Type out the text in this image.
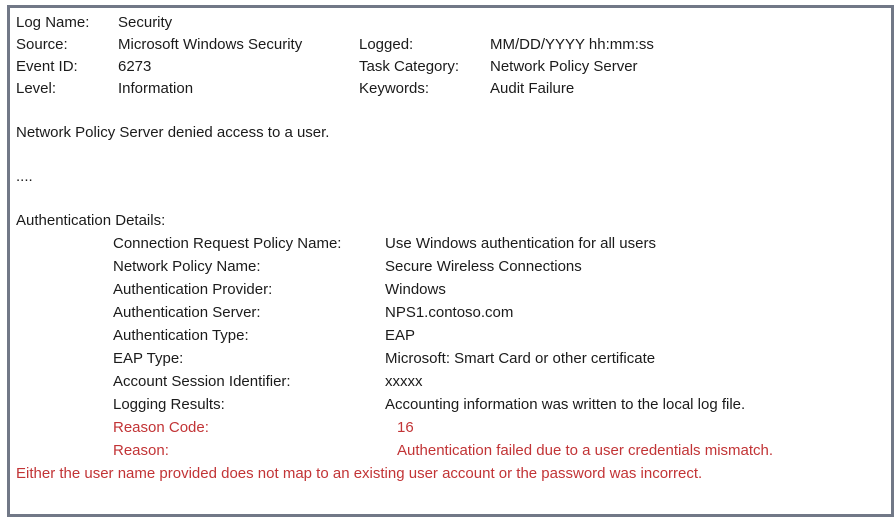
Log Name: Security
Source:	Microsoft Windows Security	Logged:	MM/DD/YYYY hh:mm:ss
Event ID:	6273	Task Category: Network Policy Server
Level:	Information	Keywords:	Audit Failure
Network Policy Server denied access to a user.
....
Authentication Details:
Connection Request Policy Name:	Use Windows authentication for all users
Network Policy Name:	Secure Wireless Connections
Authentication Provider:	Windows
Authentication Server:	NPS1.contoso.com
Authentication Type:	EAP
EAP Type:	Microsoft: Smart Card or other certificate
Account Session Identifier:	xxxxx
Logging Results:	Accounting information was written to the local log file.
Reason Code:	16
Reason:	Authentication failed due to a user credentials mismatch.
Either the user name provided does not map to an existing user account or the password was incorrect.
